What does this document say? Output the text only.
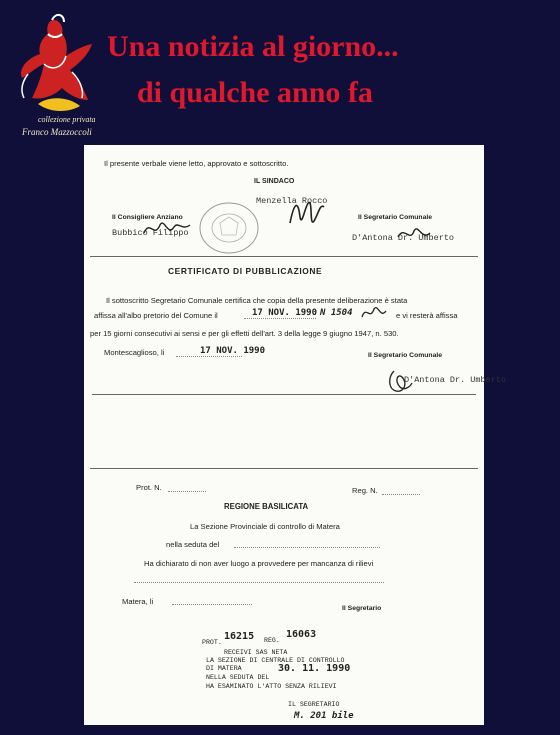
Una notizia al giorno...
di qualche anno fa
collezione privata
Franco Mazzoccoli
Il presente verbale viene letto, approvato e sottoscritto.
IL SINDACO
Menzella Rocco
Il Consigliere Anziano
Bubbico Filippo
Il Segretario Comunale
D'Antona Dr. Umberto
CERTIFICATO DI PUBBLICAZIONE
Il sottoscritto Segretario Comunale certifica che copia della presente deliberazione è stata
affissa all'albo pretorio del Comune il	17 NOV. 1990 N 1504	e vi resterà affissa
per 15 giorni consecutivi ai sensi e per gli effetti dell'art. 3 della legge 9 giugno 1947, n. 530.
Montescaglioso, li	17 NOV. 1990	Il Segretario Comunale
D'Antona Dr. Umberto
Prot. N.	Reg. N.
REGIONE BASILICATA
La Sezione Provinciale di controllo di Matera
nella seduta del
Ha dichiarato di non aver luogo a provvedere per mancanza di rilievi
Matera, li
Il Segretario
PROT.
16215 REG.
16063
RECEIVI SAS NETA
LA SEZIONE DI CENTRALE DI CONTROLLO
DI MATERA
NELLA SEDUTA DEL
30. 11. 1990
HA ESAMINATO L'ATTO SENZA RILIEVI
IL SEGRETARIO
M. 201 bile
